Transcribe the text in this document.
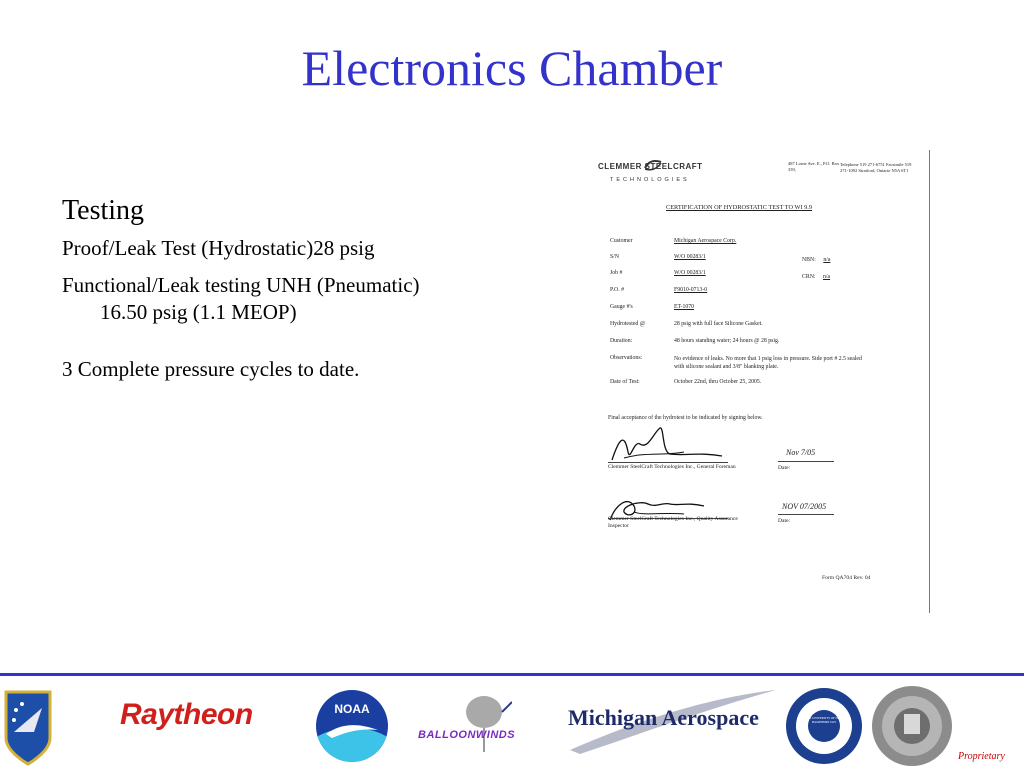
Electronics Chamber
Testing
Proof/Leak Test (Hydrostatic)28 psig
Functional/Leak testing UNH (Pneumatic) 16.50 psig (1.1 MEOP)
3 Complete pressure cycles to date.
CLEMMER STEELCRAFT
TECHNOLOGIES
487 Lorne Ave. E., P.O. Box 339,
Telephone 519 271-6751 Facsimile 519 271-1092 Stratford, Ontario N5A 6T1
CERTIFICATION OF HYDROSTATIC TEST TO WI 9.9
Customer	Michigan Aerospace Corp.
S/N	W/O 00283/1
Job #	W/O 00283/1
P.O. #	F9010-0713-0
Gauge #'s	ET-1070
Hydrotested @	28 psig with full face Silicone Gasket.
Duration:	48 hours standing water; 24 hours @ 28 psig.
Observations:	No evidence of leaks. No more that 1 psig loss in pressure. Side port # 2.5 sealed with silicone sealant and 3/8" blanking plate.
Date of Test:	October 22nd, thru October 25, 2005.
NBN: n/a
CRN: n/a
Final acceptance of the hydrotest to be indicated by signing below.
Clemmer SteelCraft Technologies Inc., General Foreman
Nov 7/05
Date:
Clemmer SteelCraft Technologies Inc., Quality Assurance Inspector
NOV 07/2005
Date:
Form QA704 Rev. 04
Raytheon	NOAA
BALLOONWINDS
Michigan Aerospace	THE UNIVERSITY OF NEW HAMPSHIRE 1923
Proprietary
